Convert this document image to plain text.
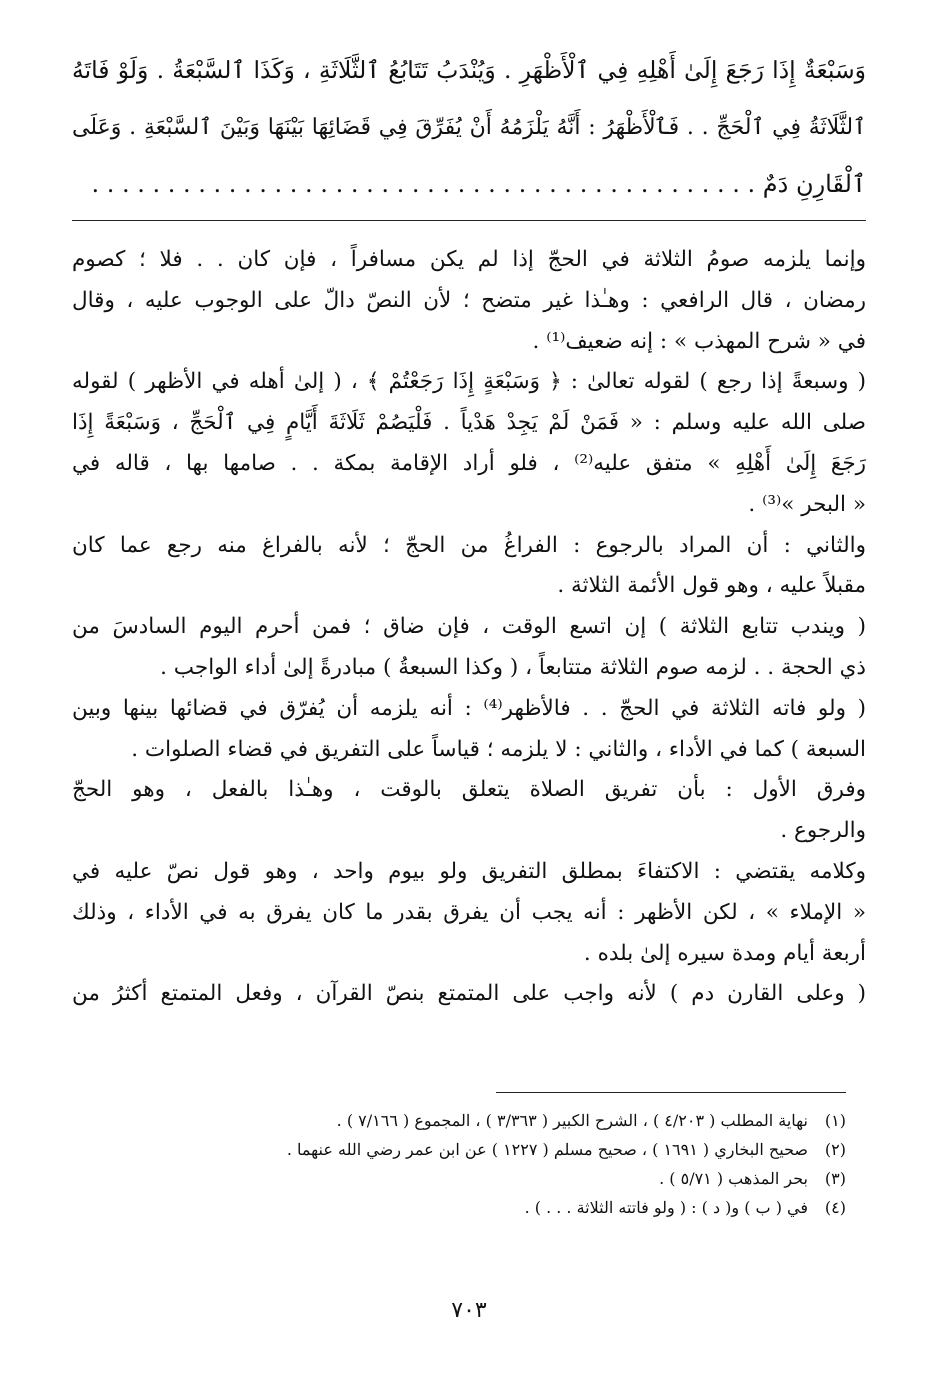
وَسَبْعَةٌ إِذَا رَجَعَ إِلَىٰ أَهْلِهِ فِي ٱلْأَظْهَرِ . وَيُنْدَبُ تَتَابُعُ ٱلثَّلَاثَةِ ، وَكَذَا ٱلسَّبْعَةُ . وَلَوْ فَاتَهُ
ٱلثَّلَاثَةُ فِي ٱلْحَجِّ . . فَٱلْأَظْهَرُ : أَنَّهُ يَلْزَمُهُ أَنْ يُفَرِّقَ فِي قَضَائِهَا بَيْنَهَا وَبَيْنَ ٱلسَّبْعَةِ . وَعَلَى
ٱلْقَارِنِ دَمٌ . . . . . . . . . . . . . . . . . . . . . . . . . . . . . . . . . . . . . . . . . . . .
وإنما يلزمه صومُ الثلاثة في الحجّ إذا لم يكن مسافراً ، فإن كان . . فلا ؛ كصوم
رمضان ، قال الرافعي : وهـٰذا غير متضح ؛ لأن النصّ دالّ على الوجوب عليه ، وقال
في « شرح المهذب » : إنه ضعيف⁽¹⁾ .
( وسبعةً إذا رجع ) لقوله تعالىٰ : ﴿ وَسَبْعَةٍ إِذَا رَجَعْتُمْ ﴾ ، ( إلىٰ أهله في الأظهر ) لقوله
صلى الله عليه وسلم : « فَمَنْ لَمْ يَجِدْ هَدْياً . فَلْيَصُمْ ثَلَاثَةَ أَيَّامٍ فِي ٱلْحَجِّ ، وَسَبْعَةً إِذَا
رَجَعَ إِلَىٰ أَهْلِهِ » متفق عليه⁽²⁾ ، فلو أراد الإقامة بمكة . . صامها بها ، قاله في
« البحر »⁽³⁾ .
والثاني : أن المراد بالرجوع : الفراغُ من الحجّ ؛ لأنه بالفراغ منه رجع عما كان
مقبلاً عليه ، وهو قول الأئمة الثلاثة .
( ويندب تتابع الثلاثة ) إن اتسع الوقت ، فإن ضاق ؛ فمن أحرم اليوم السادسَ من
ذي الحجة . . لزمه صوم الثلاثة متتابعاً ، ( وكذا السبعةُ ) مبادرةً إلىٰ أداء الواجب .
( ولو فاته الثلاثة في الحجّ . . فالأظهر⁽⁴⁾ : أنه يلزمه أن يُفرّق في قضائها بينها وبين
السبعة ) كما في الأداء ، والثاني : لا يلزمه ؛ قياساً على التفريق في قضاء الصلوات .
وفرق الأول : بأن تفريق الصلاة يتعلق بالوقت ، وهـٰذا بالفعل ، وهو الحجّ
والرجوع .
وكلامه يقتضي : الاكتفاءَ بمطلق التفريق ولو بيوم واحد ، وهو قول نصّ عليه في
« الإملاء » ، لكن الأظهر : أنه يجب أن يفرق بقدر ما كان يفرق به في الأداء ، وذلك
أربعة أيام ومدة سيره إلىٰ بلده .
( وعلى القارن دم ) لأنه واجب على المتمتع بنصّ القرآن ، وفعل المتمتع أكثرُ من
(١)
نهاية المطلب ( ٤/٢٠٣ ) ، الشرح الكبير ( ٣/٣٦٣ ) ، المجموع ( ٧/١٦٦ ) .
(٢)
صحيح البخاري ( ١٦٩١ ) ، صحيح مسلم ( ١٢٢٧ ) عن ابن عمر رضي الله عنهما .
(٣)
بحر المذهب ( ٥/٧١ ) .
(٤)
في ( ب ) و( د ) : ( ولو فاتته الثلاثة . . . ) .
٧٠٣
